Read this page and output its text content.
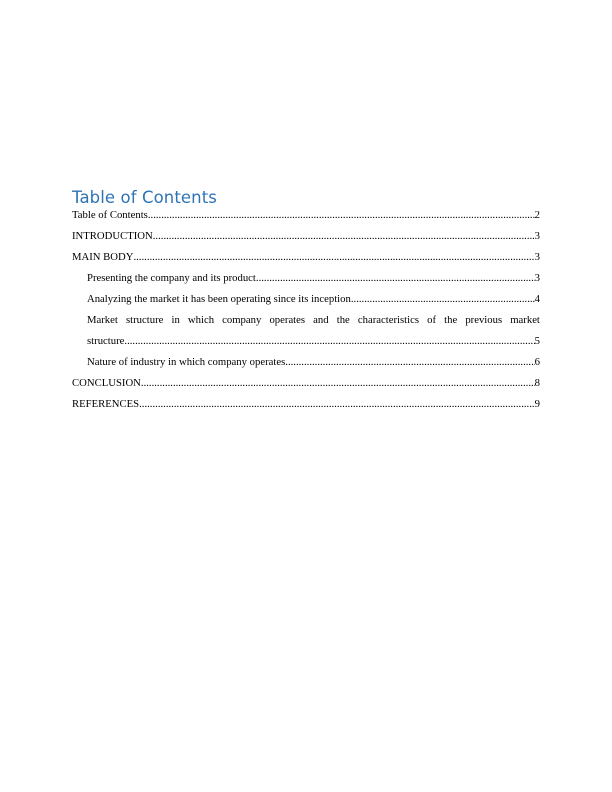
Table of Contents
Table of Contents .....	2
INTRODUCTION .....	3
MAIN BODY .....	3
Presenting the company and its product .....	3
Analyzing the market it has been operating since its inception .....	4
Market structure in which company operates and the characteristics of the previous market
structure .....	5
Nature of industry in which company operates .....	6
CONCLUSION .....	8
REFERENCES .....	9
